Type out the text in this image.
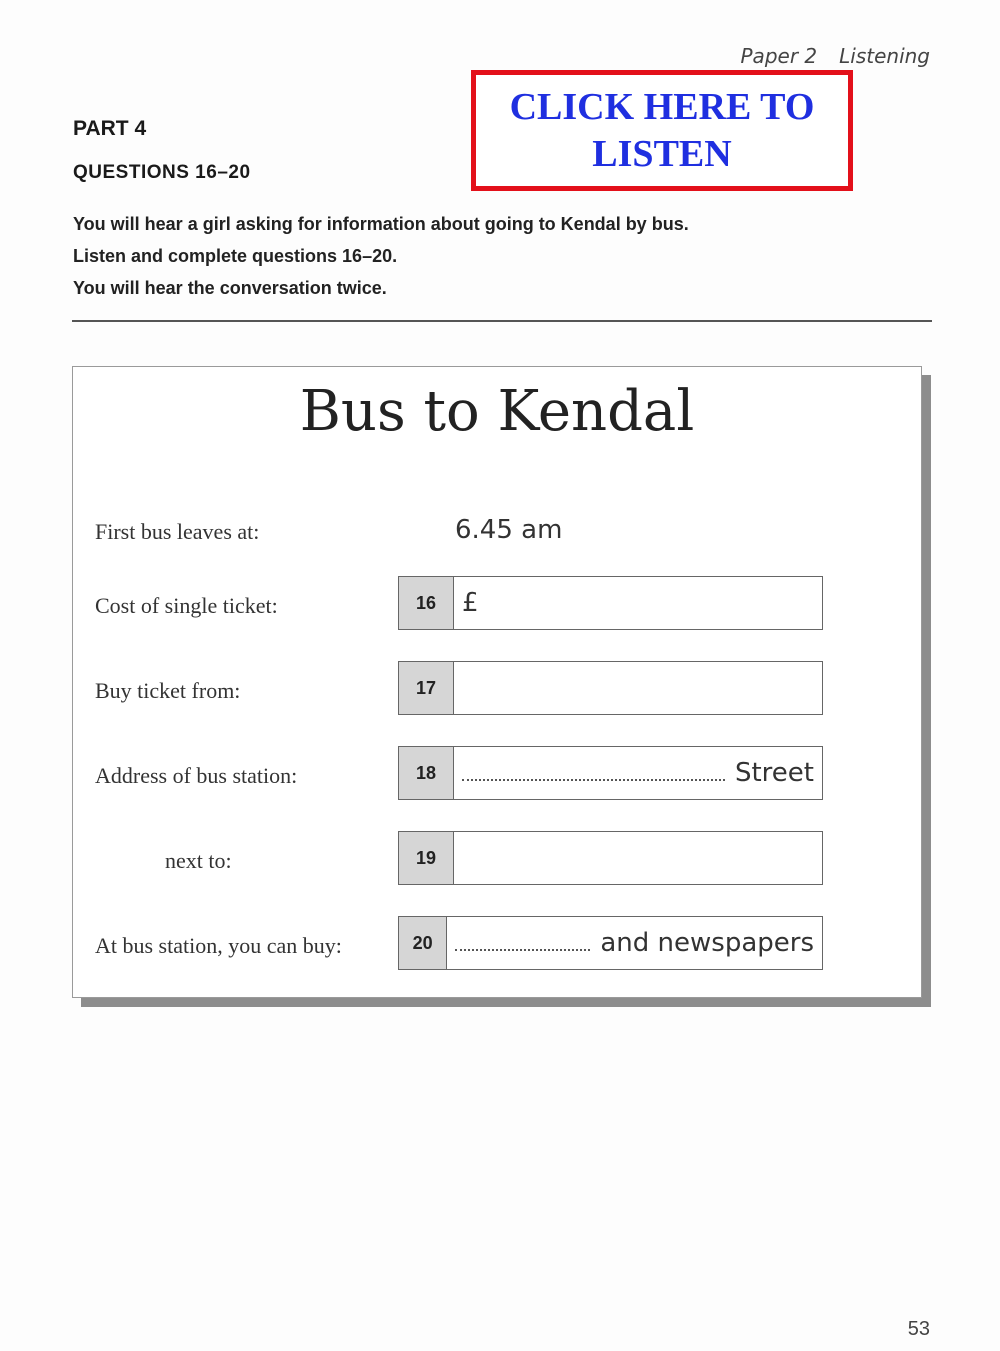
Paper 2 Listening
CLICK HERE TO
LISTEN
PART 4
QUESTIONS 16–20
You will hear a girl asking for information about going to Kendal by bus.
Listen and complete questions 16–20.
You will hear the conversation twice.
Bus to Kendal
First bus leaves at:	6.45 am
Cost of single ticket:	16 £
Buy ticket from:	17
Address of bus station:	18	Street
next to:	19
At bus station, you can buy:	20	and newspapers
53
